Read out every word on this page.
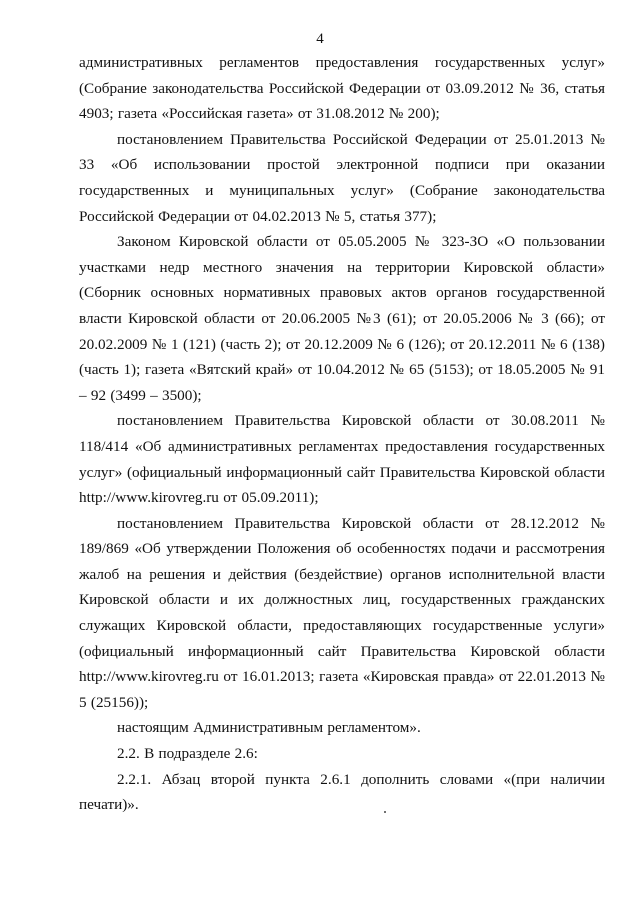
4

административных регламентов предоставления государственных услуг» (Собрание законодательства Российской Федерации от 03.09.2012 № 36, статья 4903; газета «Российская газета» от 31.08.2012 № 200);

постановлением Правительства Российской Федерации от 25.01.2013 № 33 «Об использовании простой электронной подписи при оказании государственных и муниципальных услуг» (Собрание законодательства Российской Федерации от 04.02.2013 № 5, статья 377);

Законом Кировской области от 05.05.2005 № 323-ЗО «О пользовании участками недр местного значения на территории Кировской области» (Сборник основных нормативных правовых актов органов государственной власти Кировской области от 20.06.2005 №3 (61); от 20.05.2006 № 3 (66); от 20.02.2009 № 1 (121) (часть 2); от 20.12.2009 № 6 (126); от 20.12.2011 № 6 (138) (часть 1); газета «Вятский край» от 10.04.2012 № 65 (5153); от 18.05.2005 № 91 – 92 (3499 – 3500);

постановлением Правительства Кировской области от 30.08.2011 № 118/414 «Об административных регламентах предоставления государственных услуг» (официальный информационный сайт Правительства Кировской области http://www.kirovreg.ru от 05.09.2011);

постановлением Правительства Кировской области от 28.12.2012 № 189/869 «Об утверждении Положения об особенностях подачи и рассмотрения жалоб на решения и действия (бездействие) органов исполнительной власти Кировской области и их должностных лиц, государственных гражданских служащих Кировской области, предоставляющих государственные услуги» (официальный информационный сайт Правительства Кировской области http://www.kirovreg.ru от 16.01.2013; газета «Кировская правда» от 22.01.2013 № 5 (25156));

настоящим Административным регламентом».

2.2. В подразделе 2.6:

2.2.1. Абзац второй пункта 2.6.1 дополнить словами «(при наличии печати)».
